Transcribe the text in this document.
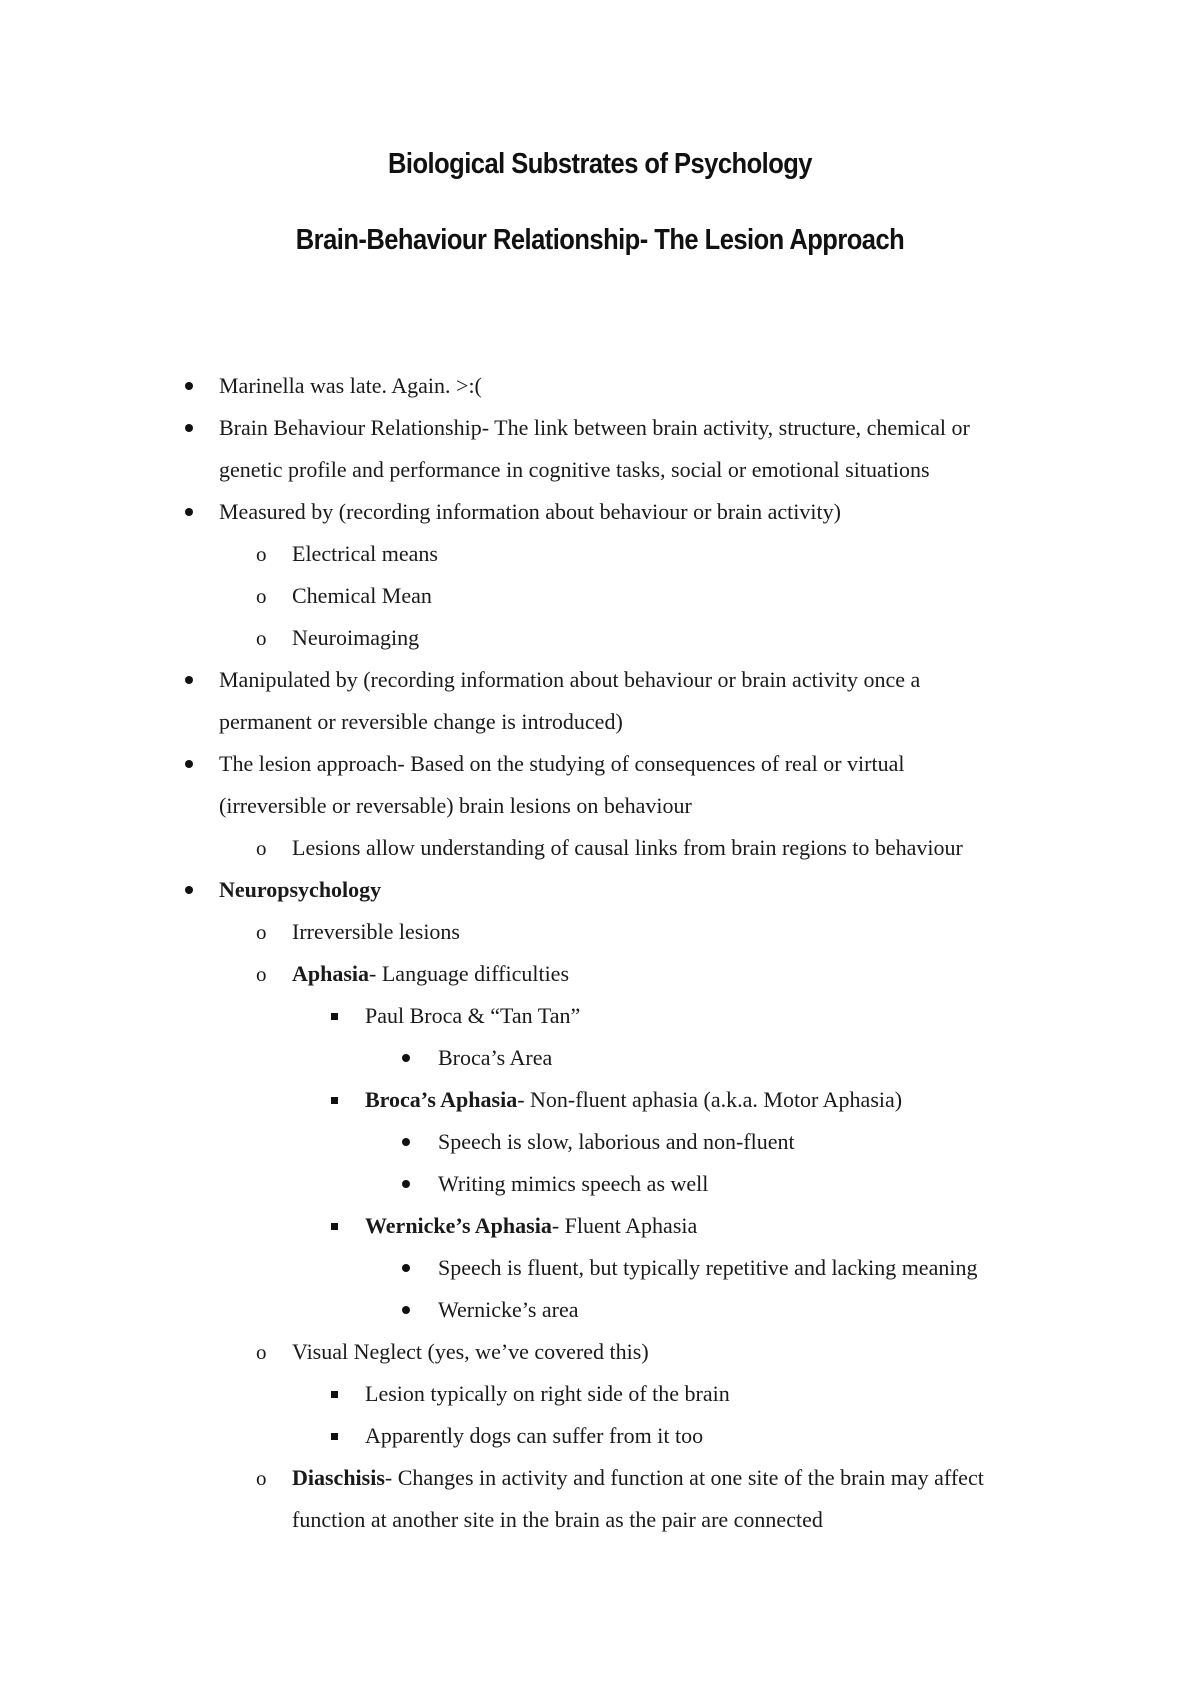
Biological Substrates of Psychology
Brain-Behaviour Relationship- The Lesion Approach
Marinella was late. Again. >:(
Brain Behaviour Relationship- The link between brain activity, structure, chemical or
genetic profile and performance in cognitive tasks, social or emotional situations
Measured by (recording information about behaviour or brain activity)
o Electrical means
o Chemical Mean
o Neuroimaging
Manipulated by (recording information about behaviour or brain activity once a
permanent or reversible change is introduced)
The lesion approach- Based on the studying of consequences of real or virtual
(irreversible or reversable) brain lesions on behaviour
o Lesions allow understanding of causal links from brain regions to behaviour
Neuropsychology
o Irreversible lesions
o Aphasia- Language difficulties
Paul Broca & “Tan Tan”
Broca’s Area
Broca’s Aphasia- Non-fluent aphasia (a.k.a. Motor Aphasia)
Speech is slow, laborious and non-fluent
Writing mimics speech as well
Wernicke’s Aphasia- Fluent Aphasia
Speech is fluent, but typically repetitive and lacking meaning
Wernicke’s area
o Visual Neglect (yes, we’ve covered this)
Lesion typically on right side of the brain
Apparently dogs can suffer from it too
o Diaschisis- Changes in activity and function at one site of the brain may affect
function at another site in the brain as the pair are connected
